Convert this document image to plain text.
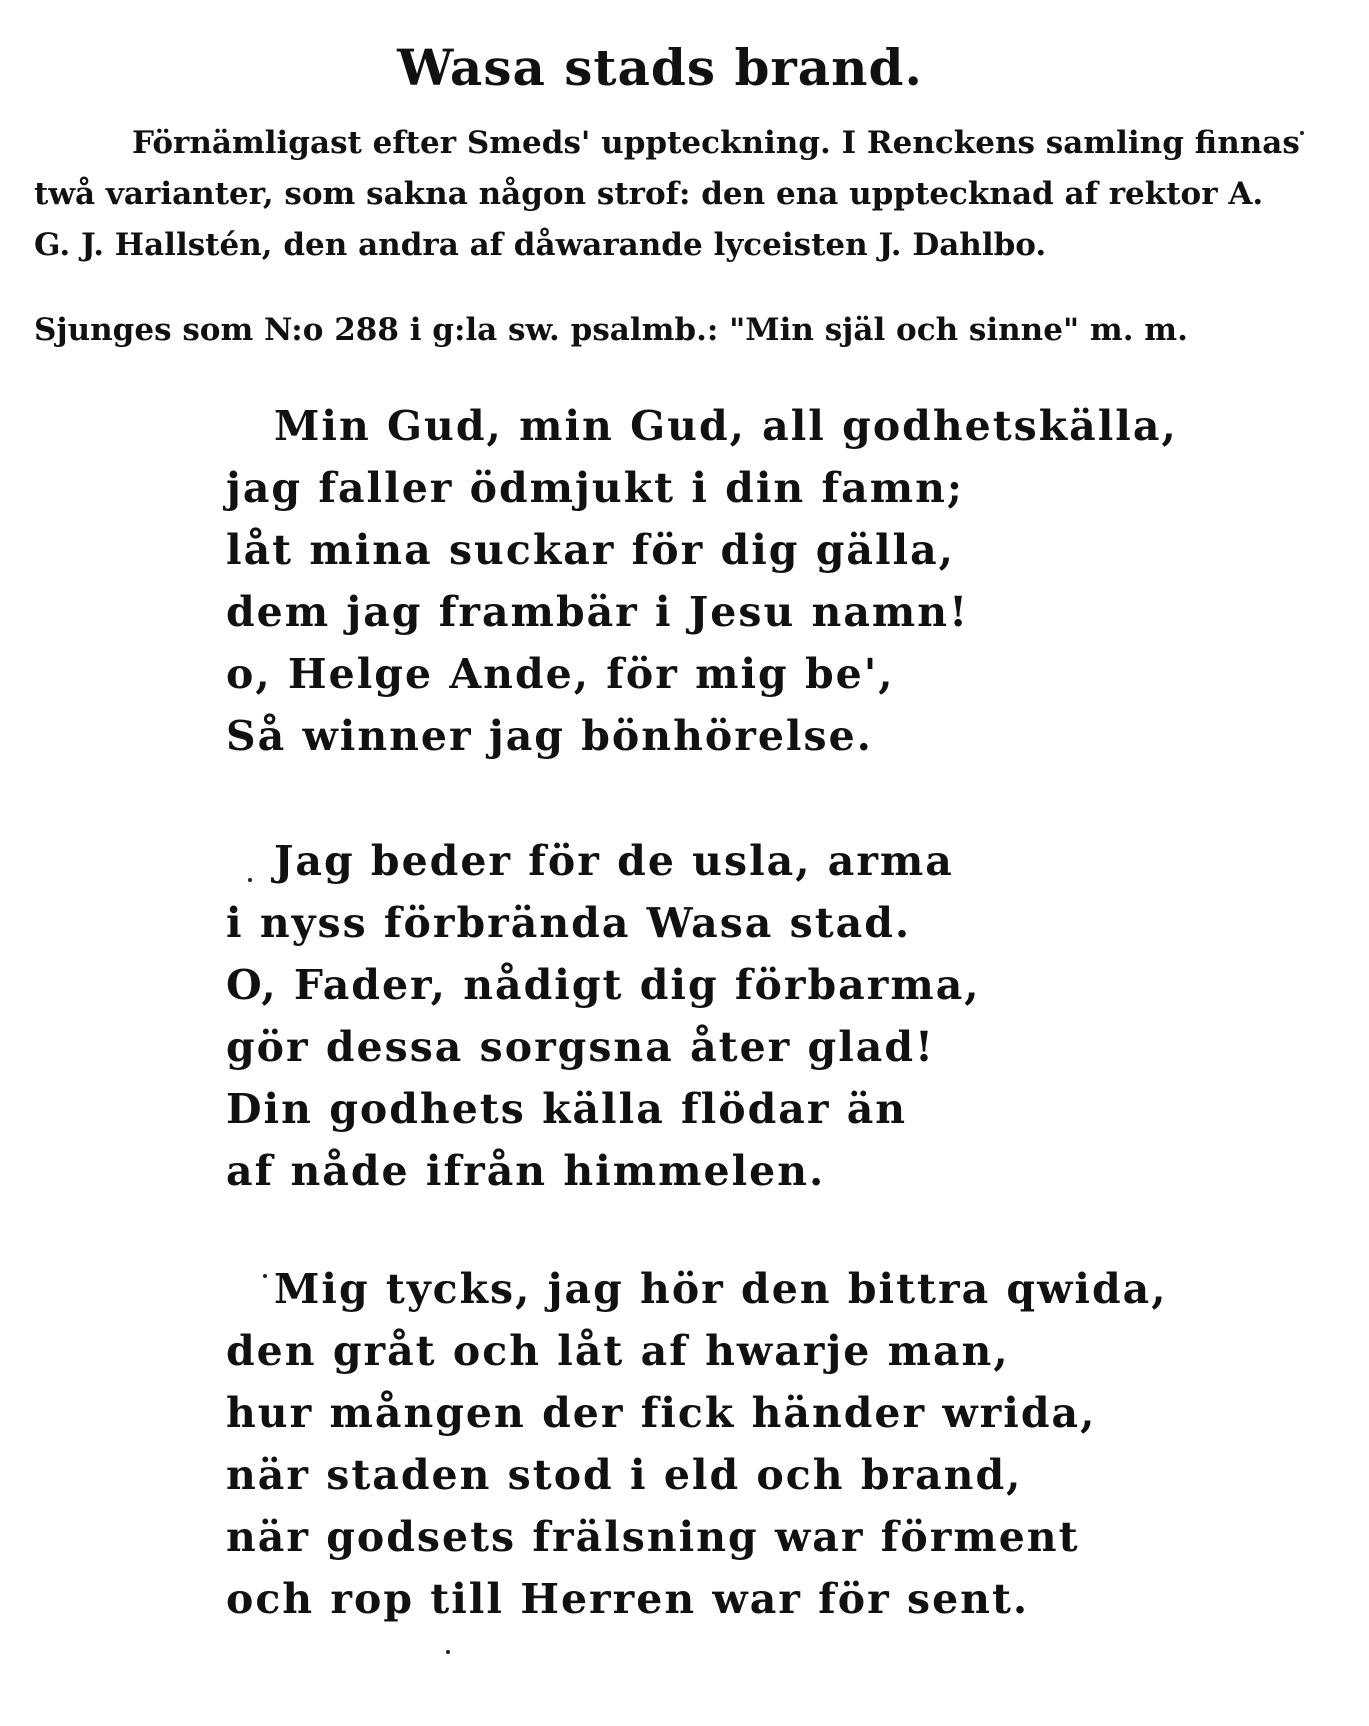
Wasa stads brand.

Förnämligast efter Smeds' uppteckning. I Renckens samling finnas
twå varianter, som sakna någon strof: den ena upptecknad af rektor A.
G. J. Hallstén, den andra af dåwarande lyceisten J. Dahlbo.

Sjunges som N:o 288 i g:la sw. psalmb.: "Min själ och sinne" m. m.

Min Gud, min Gud, all godhetskälla,
jag faller ödmjukt i din famn;
låt mina suckar för dig gälla,
dem jag frambär i Jesu namn!
o, Helge Ande, för mig be',
Så winner jag bönhörelse.
Jag beder för de usla, arma
i nyss förbrända Wasa stad.
O, Fader, nådigt dig förbarma,
gör dessa sorgsna åter glad!
Din godhets källa flödar än
af nåde ifrån himmelen.
Mig tycks, jag hör den bittra qwida,
den gråt och låt af hwarje man,
hur mången der fick händer wrida,
när staden stod i eld och brand,
när godsets frälsning war förment
och rop till Herren war för sent.
